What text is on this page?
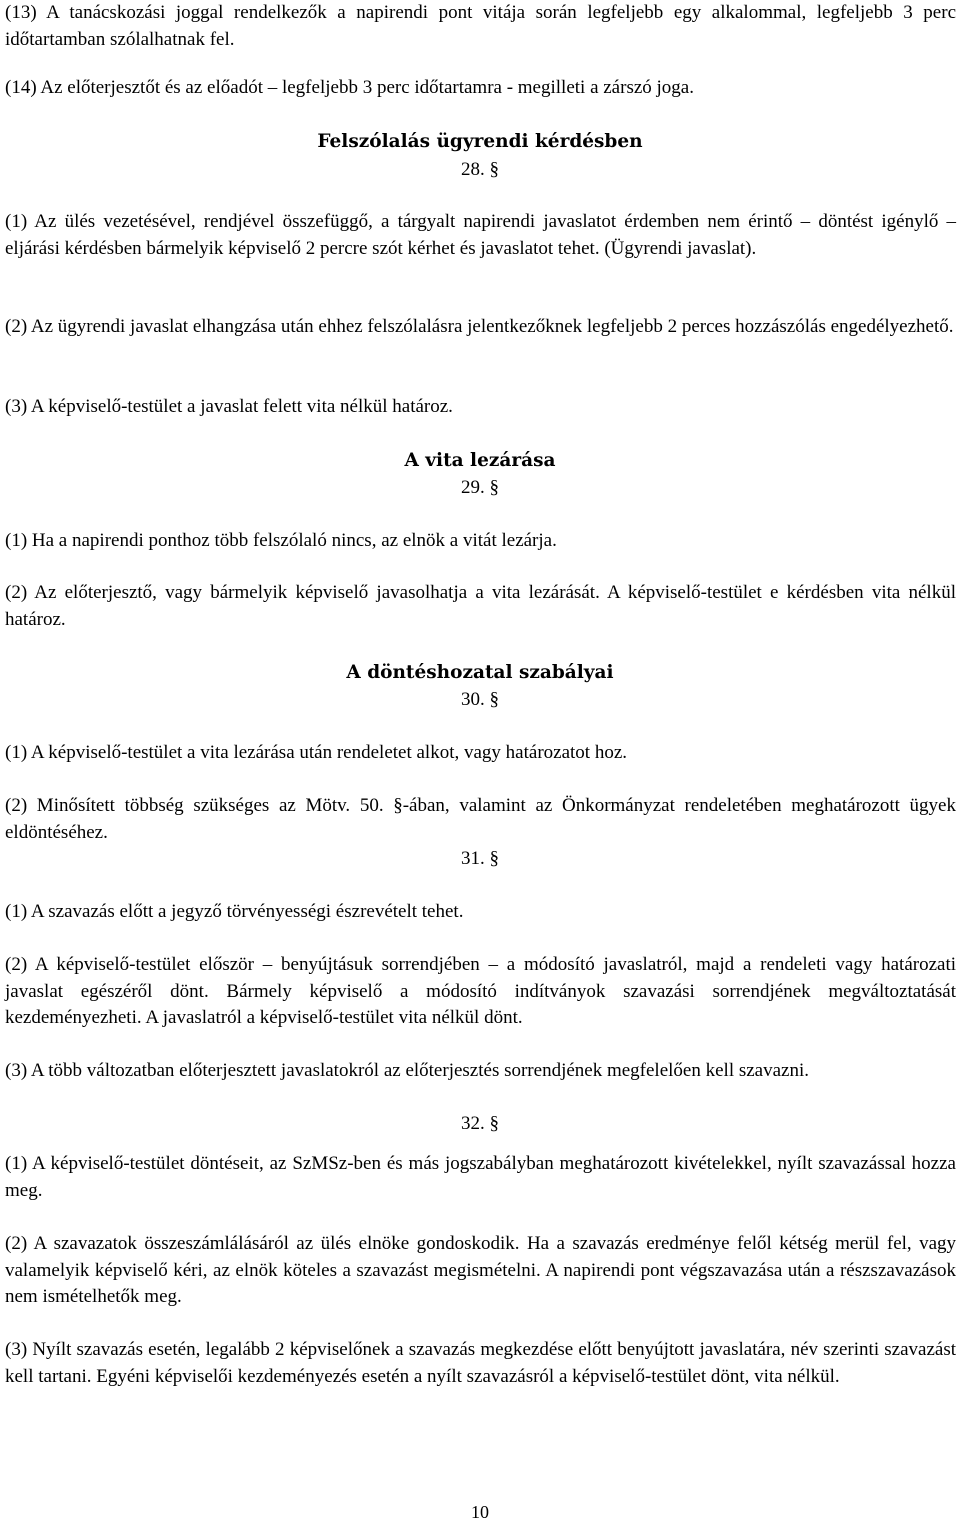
(13) A tanácskozási joggal rendelkezők a napirendi pont vitája során legfeljebb egy alkalommal, legfeljebb 3 perc időtartamban szólalhatnak fel.

(14) Az előterjesztőt és az előadót – legfeljebb 3 perc időtartamra - megilleti a zárszó joga.

Felszólalás ügyrendi kérdésben

28. §

(1) Az ülés vezetésével, rendjével összefüggő, a tárgyalt napirendi javaslatot érdemben nem érintő – döntést igénylő – eljárási kérdésben bármelyik képviselő 2 percre szót kérhet és javaslatot tehet. (Ügyrendi javaslat).

(2) Az ügyrendi javaslat elhangzása után ehhez felszólalásra jelentkezőknek legfeljebb 2 perces hozzászólás engedélyezhető.

(3) A képviselő-testület a javaslat felett vita nélkül határoz.

A vita lezárása

29. §

(1) Ha a napirendi ponthoz több felszólaló nincs, az elnök a vitát lezárja.

(2) Az előterjesztő, vagy bármelyik képviselő javasolhatja a vita lezárását. A képviselő-testület e kérdésben vita nélkül határoz.

A döntéshozatal szabályai

30. §

(1) A képviselő-testület a vita lezárása után rendeletet alkot, vagy határozatot hoz.

(2) Minősített többség szükséges az Mötv. 50. §-ában, valamint az Önkormányzat rendeletében meghatározott ügyek eldöntéséhez.

31. §

(1) A szavazás előtt a jegyző törvényességi észrevételt tehet.

(2) A képviselő-testület először – benyújtásuk sorrendjében – a módosító javaslatról, majd a rendeleti vagy határozati javaslat egészéről dönt. Bármely képviselő a módosító indítványok szavazási sorrendjének megváltoztatását kezdeményezheti. A javaslatról a képviselő-testület vita nélkül dönt.

(3) A több változatban előterjesztett javaslatokról az előterjesztés sorrendjének megfelelően kell szavazni.

32. §

(1) A képviselő-testület döntéseit, az SzMSz-ben és más jogszabályban meghatározott kivételekkel, nyílt szavazással hozza meg.

(2) A szavazatok összeszámlálásáról az ülés elnöke gondoskodik. Ha a szavazás eredménye felől kétség merül fel, vagy valamelyik képviselő kéri, az elnök köteles a szavazást megismételni. A napirendi pont végszavazása után a részszavazások nem ismételhetők meg.

(3) Nyílt szavazás esetén, legalább 2 képviselőnek a szavazás megkezdése előtt benyújtott javaslatára, név szerinti szavazást kell tartani. Egyéni képviselői kezdeményezés esetén a nyílt szavazásról a képviselő-testület dönt, vita nélkül.

10
